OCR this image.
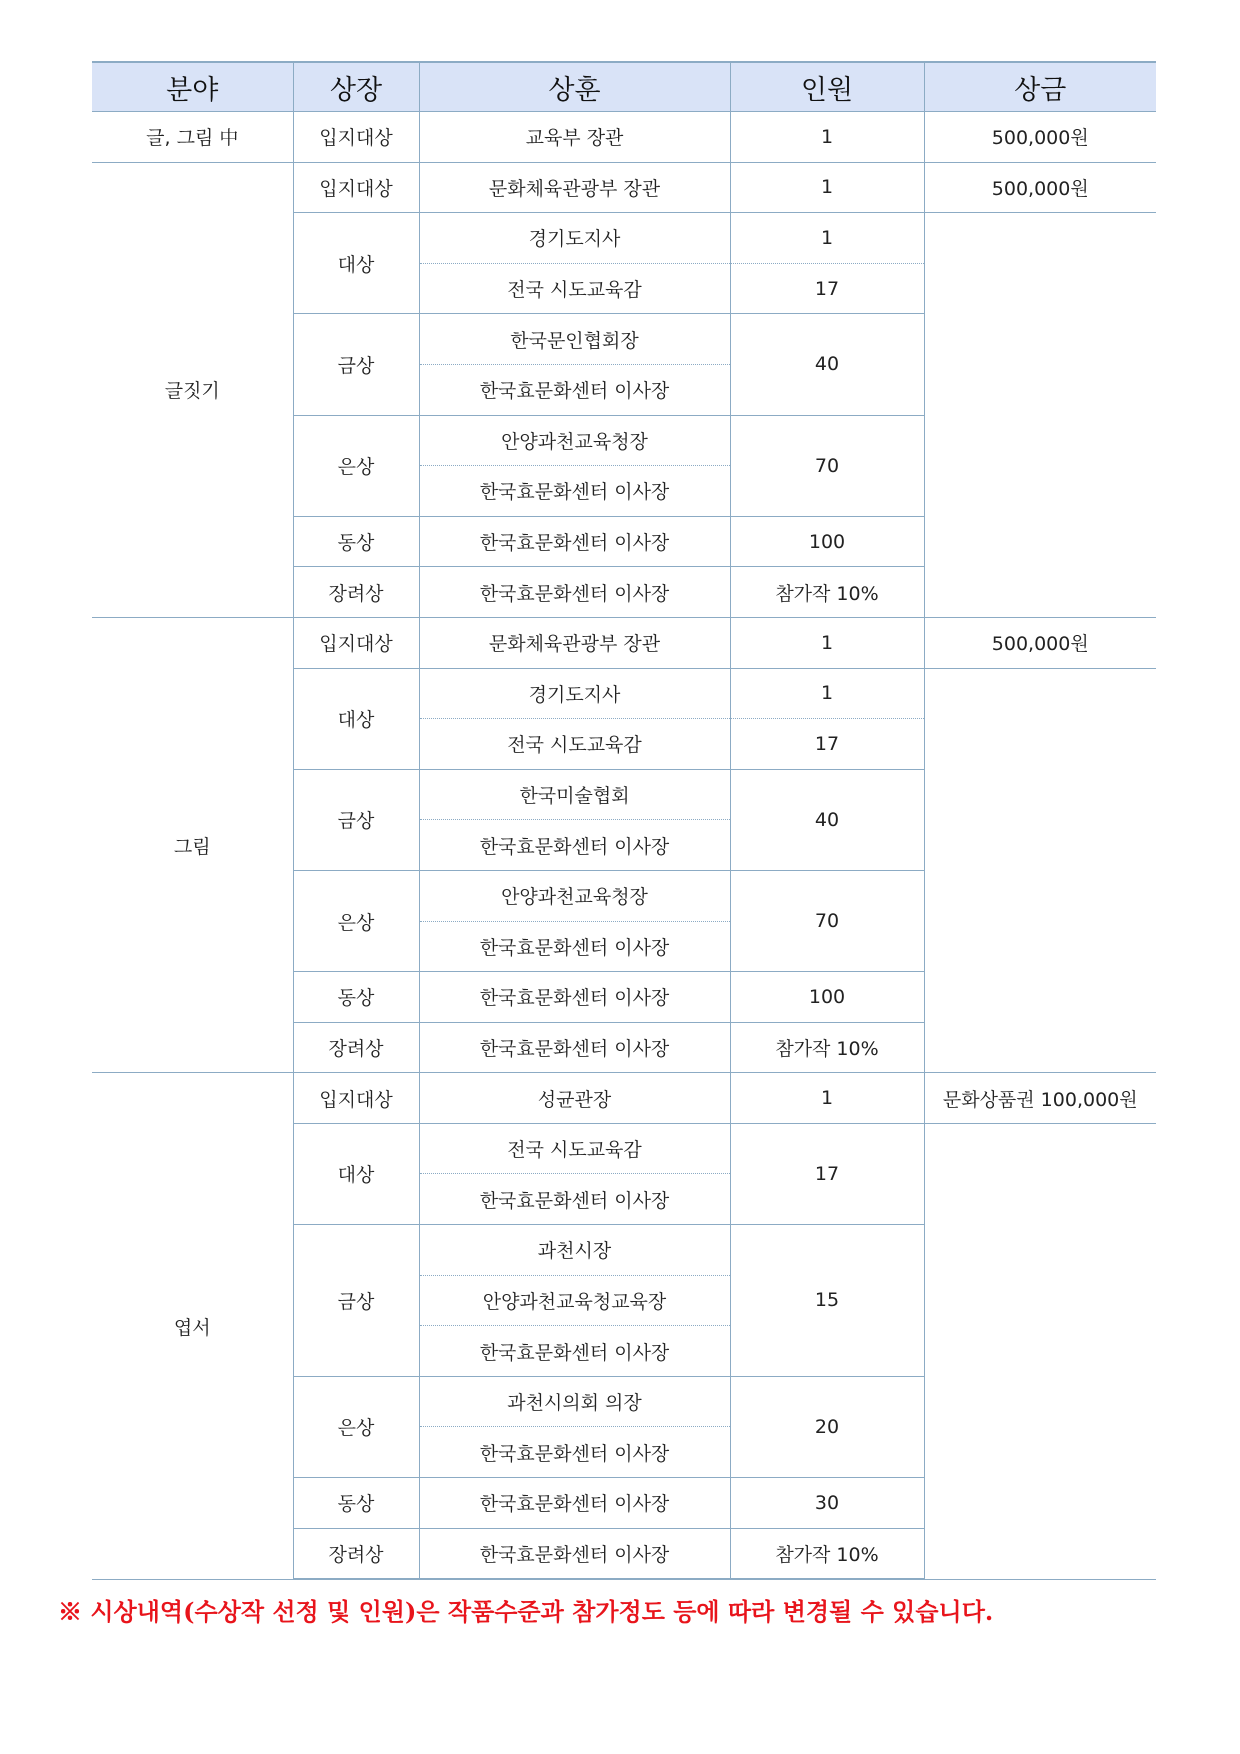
분야	상장	상훈	인원	상금
글, 그림 中	입지대상	교육부 장관	1	500,000원
글짓기	입지대상	문화체육관광부 장관	1	500,000원
	대상	경기도지사	1	
		전국 시도교육감	17	
	금상	한국문인협회장	40	
		한국효문화센터 이사장		
	은상	안양과천교육청장	70	
		한국효문화센터 이사장		
	동상	한국효문화센터 이사장	100	
	장려상	한국효문화센터 이사장	참가작 10%	
그림	입지대상	문화체육관광부 장관	1	500,000원
	대상	경기도지사	1	
		전국 시도교육감	17	
	금상	한국미술협회	40	
		한국효문화센터 이사장		
	은상	안양과천교육청장	70	
		한국효문화센터 이사장		
	동상	한국효문화센터 이사장	100	
	장려상	한국효문화센터 이사장	참가작 10%	
엽서	입지대상	성균관장	1	문화상품권 100,000원
	대상	전국 시도교육감	17	
		한국효문화센터 이사장		
	금상	과천시장	15	
		안양과천교육청교육장		
		한국효문화센터 이사장		
	은상	과천시의회 의장	20	
		한국효문화센터 이사장		
	동상	한국효문화센터 이사장	30	
	장려상	한국효문화센터 이사장	참가작 10%	
※ 시상내역(수상작 선정 및 인원)은 작품수준과 참가정도 등에 따라 변경될 수 있습니다.
